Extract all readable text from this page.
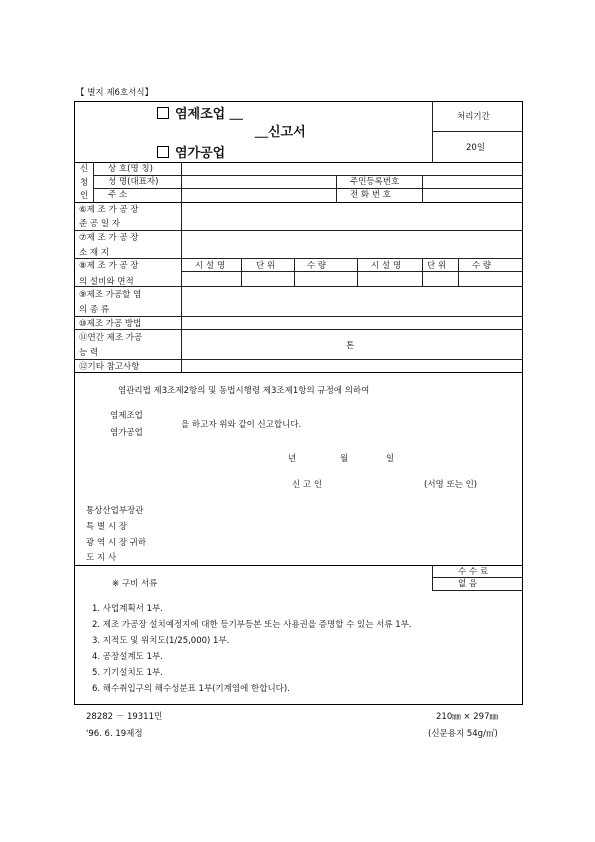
【 별지 제6호서식】
염제조업 ＿
＿신고서
염가공업
처리기간
20일
신
청
인
상 호(명 칭)
성 명(대표자)
주 소
주민등록번호
전 화 번 호
⑥제 조 가 공 장
준 공 일 자
⑦제 조 가 공 장
소 재 지
⑧제 조 가 공 장
의 설비와 면적
시 설 명	단 위	수 량	시 설 명	단 위	수 량
⑨제조 가공할 염
의 종 류
⑩제조 가공 방법
⑪연간 제조 가공
능 력
톤
⑫기타 참고사항
염관리법 제3조제2항의 및 동법시행령 제3조제1항의 규정에 의하여
염제조업
염가공업
을 하고자 위와 같이 신고합니다.
년	월	일
신 고 인	(서명 또는 인)
통상산업부장관
특 별 시 장
광 역 시 장 귀하
도 지 사
수 수 료
없 음
※ 구비 서류
1. 사업계획서 1부.
2. 제조 가공장 설치예정지에 대한 등기부등본 또는 사용권을 증명할 수 있는 서류 1부.
3. 지적도 및 위치도(1/25,000) 1부.
4. 공장설계도 1부.
5. 기기설치도 1부.
6. 해수취입구의 해수성분표 1부(기계염에 한합니다).
28282 － 19311민
'96. 6. 19제정
210㎜ × 297㎜
(신문용지 54g/㎡)
